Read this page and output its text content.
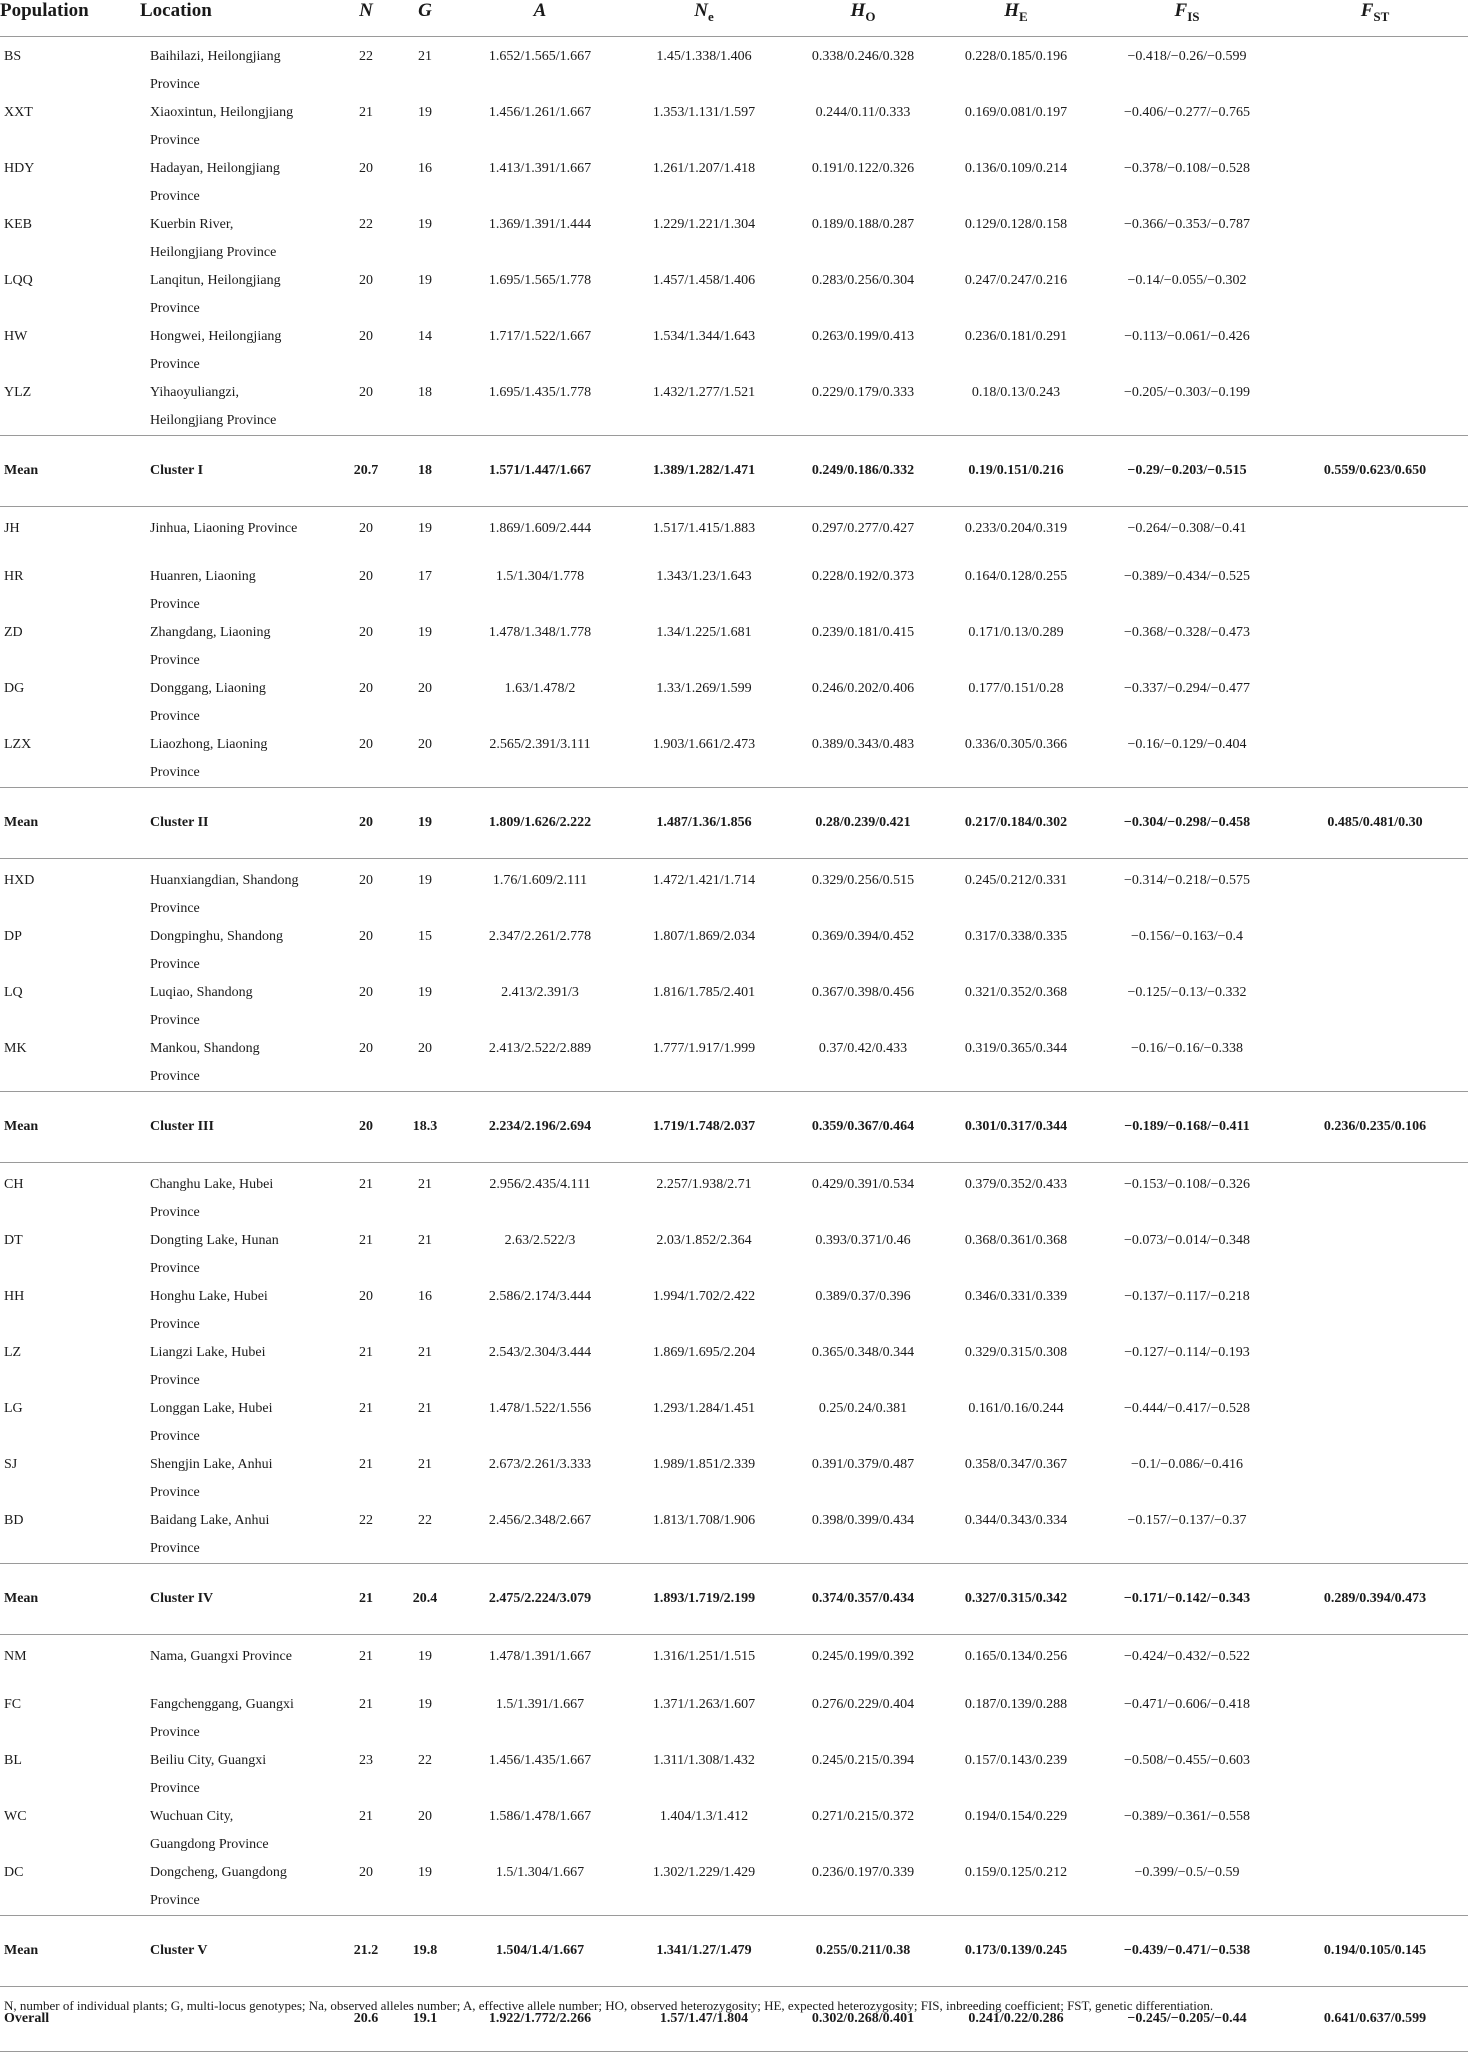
Population	Location	N	G	A	$N_e$	$H_O$	$H_E$	$F_{IS}$	$F_{ST}$
BS	Baihilazi, Heilongjiang Province	22	21	1.652/1.565/1.667	1.45/1.338/1.406	0.338/0.246/0.328	0.228/0.185/0.196	−0.418/−0.26/−0.599	
XXT	Xiaoxintun, Heilongjiang Province	21	19	1.456/1.261/1.667	1.353/1.131/1.597	0.244/0.11/0.333	0.169/0.081/0.197	−0.406/−0.277/−0.765	
HDY	Hadayan, Heilongjiang Province	20	16	1.413/1.391/1.667	1.261/1.207/1.418	0.191/0.122/0.326	0.136/0.109/0.214	−0.378/−0.108/−0.528	
KEB	Kuerbin River, Heilongjiang Province	22	19	1.369/1.391/1.444	1.229/1.221/1.304	0.189/0.188/0.287	0.129/0.128/0.158	−0.366/−0.353/−0.787	
LQQ	Lanqitun, Heilongjiang Province	20	19	1.695/1.565/1.778	1.457/1.458/1.406	0.283/0.256/0.304	0.247/0.247/0.216	−0.14/−0.055/−0.302	
HW	Hongwei, Heilongjiang Province	20	14	1.717/1.522/1.667	1.534/1.344/1.643	0.263/0.199/0.413	0.236/0.181/0.291	−0.113/−0.061/−0.426	
YLZ	Yihaoyuliangzi, Heilongjiang Province	20	18	1.695/1.435/1.778	1.432/1.277/1.521	0.229/0.179/0.333	0.18/0.13/0.243	−0.205/−0.303/−0.199	
Mean	Cluster I	20.7	18	1.571/1.447/1.667	1.389/1.282/1.471	0.249/0.186/0.332	0.19/0.151/0.216	−0.29/−0.203/−0.515	0.559/0.623/0.650
JH	Jinhua, Liaoning Province	20	19	1.869/1.609/2.444	1.517/1.415/1.883	0.297/0.277/0.427	0.233/0.204/0.319	−0.264/−0.308/−0.41	
HR	Huanren, Liaoning Province	20	17	1.5/1.304/1.778	1.343/1.23/1.643	0.228/0.192/0.373	0.164/0.128/0.255	−0.389/−0.434/−0.525	
ZD	Zhangdang, Liaoning Province	20	19	1.478/1.348/1.778	1.34/1.225/1.681	0.239/0.181/0.415	0.171/0.13/0.289	−0.368/−0.328/−0.473	
DG	Donggang, Liaoning Province	20	20	1.63/1.478/2	1.33/1.269/1.599	0.246/0.202/0.406	0.177/0.151/0.28	−0.337/−0.294/−0.477	
LZX	Liaozhong, Liaoning Province	20	20	2.565/2.391/3.111	1.903/1.661/2.473	0.389/0.343/0.483	0.336/0.305/0.366	−0.16/−0.129/−0.404	
Mean	Cluster II	20	19	1.809/1.626/2.222	1.487/1.36/1.856	0.28/0.239/0.421	0.217/0.184/0.302	−0.304/−0.298/−0.458	0.485/0.481/0.30
HXD	Huanxiangdian, Shandong Province	20	19	1.76/1.609/2.111	1.472/1.421/1.714	0.329/0.256/0.515	0.245/0.212/0.331	−0.314/−0.218/−0.575	
DP	Dongpinghu, Shandong Province	20	15	2.347/2.261/2.778	1.807/1.869/2.034	0.369/0.394/0.452	0.317/0.338/0.335	−0.156/−0.163/−0.4	
LQ	Luqiao, Shandong Province	20	19	2.413/2.391/3	1.816/1.785/2.401	0.367/0.398/0.456	0.321/0.352/0.368	−0.125/−0.13/−0.332	
MK	Mankou, Shandong Province	20	20	2.413/2.522/2.889	1.777/1.917/1.999	0.37/0.42/0.433	0.319/0.365/0.344	−0.16/−0.16/−0.338	
Mean	Cluster III	20	18.3	2.234/2.196/2.694	1.719/1.748/2.037	0.359/0.367/0.464	0.301/0.317/0.344	−0.189/−0.168/−0.411	0.236/0.235/0.106
CH	Changhu Lake, Hubei Province	21	21	2.956/2.435/4.111	2.257/1.938/2.71	0.429/0.391/0.534	0.379/0.352/0.433	−0.153/−0.108/−0.326	
DT	Dongting Lake, Hunan Province	21	21	2.63/2.522/3	2.03/1.852/2.364	0.393/0.371/0.46	0.368/0.361/0.368	−0.073/−0.014/−0.348	
HH	Honghu Lake, Hubei Province	20	16	2.586/2.174/3.444	1.994/1.702/2.422	0.389/0.37/0.396	0.346/0.331/0.339	−0.137/−0.117/−0.218	
LZ	Liangzi Lake, Hubei Province	21	21	2.543/2.304/3.444	1.869/1.695/2.204	0.365/0.348/0.344	0.329/0.315/0.308	−0.127/−0.114/−0.193	
LG	Longgan Lake, Hubei Province	21	21	1.478/1.522/1.556	1.293/1.284/1.451	0.25/0.24/0.381	0.161/0.16/0.244	−0.444/−0.417/−0.528	
SJ	Shengjin Lake, Anhui Province	21	21	2.673/2.261/3.333	1.989/1.851/2.339	0.391/0.379/0.487	0.358/0.347/0.367	−0.1/−0.086/−0.416	
BD	Baidang Lake, Anhui Province	22	22	2.456/2.348/2.667	1.813/1.708/1.906	0.398/0.399/0.434	0.344/0.343/0.334	−0.157/−0.137/−0.37	
Mean	Cluster IV	21	20.4	2.475/2.224/3.079	1.893/1.719/2.199	0.374/0.357/0.434	0.327/0.315/0.342	−0.171/−0.142/−0.343	0.289/0.394/0.473
NM	Nama, Guangxi Province	21	19	1.478/1.391/1.667	1.316/1.251/1.515	0.245/0.199/0.392	0.165/0.134/0.256	−0.424/−0.432/−0.522	
FC	Fangchenggang, Guangxi Province	21	19	1.5/1.391/1.667	1.371/1.263/1.607	0.276/0.229/0.404	0.187/0.139/0.288	−0.471/−0.606/−0.418	
BL	Beiliu City, Guangxi Province	23	22	1.456/1.435/1.667	1.311/1.308/1.432	0.245/0.215/0.394	0.157/0.143/0.239	−0.508/−0.455/−0.603	
WC	Wuchuan City, Guangdong Province	21	20	1.586/1.478/1.667	1.404/1.3/1.412	0.271/0.215/0.372	0.194/0.154/0.229	−0.389/−0.361/−0.558	
DC	Dongcheng, Guangdong Province	20	19	1.5/1.304/1.667	1.302/1.229/1.429	0.236/0.197/0.339	0.159/0.125/0.212	−0.399/−0.5/−0.59	
Mean	Cluster V	21.2	19.8	1.504/1.4/1.667	1.341/1.27/1.479	0.255/0.211/0.38	0.173/0.139/0.245	−0.439/−0.471/−0.538	0.194/0.105/0.145
Overall		20.6	19.1	1.922/1.772/2.266	1.57/1.47/1.804	0.302/0.268/0.401	0.241/0.22/0.286	−0.245/−0.205/−0.44	0.641/0.637/0.599
N, number of individual plants; G, multi-locus genotypes; Na, observed alleles number; A, effective allele number; HO, observed heterozygosity; HE, expected heterozygosity; FIS, inbreeding coefficient; FST, genetic differentiation.
